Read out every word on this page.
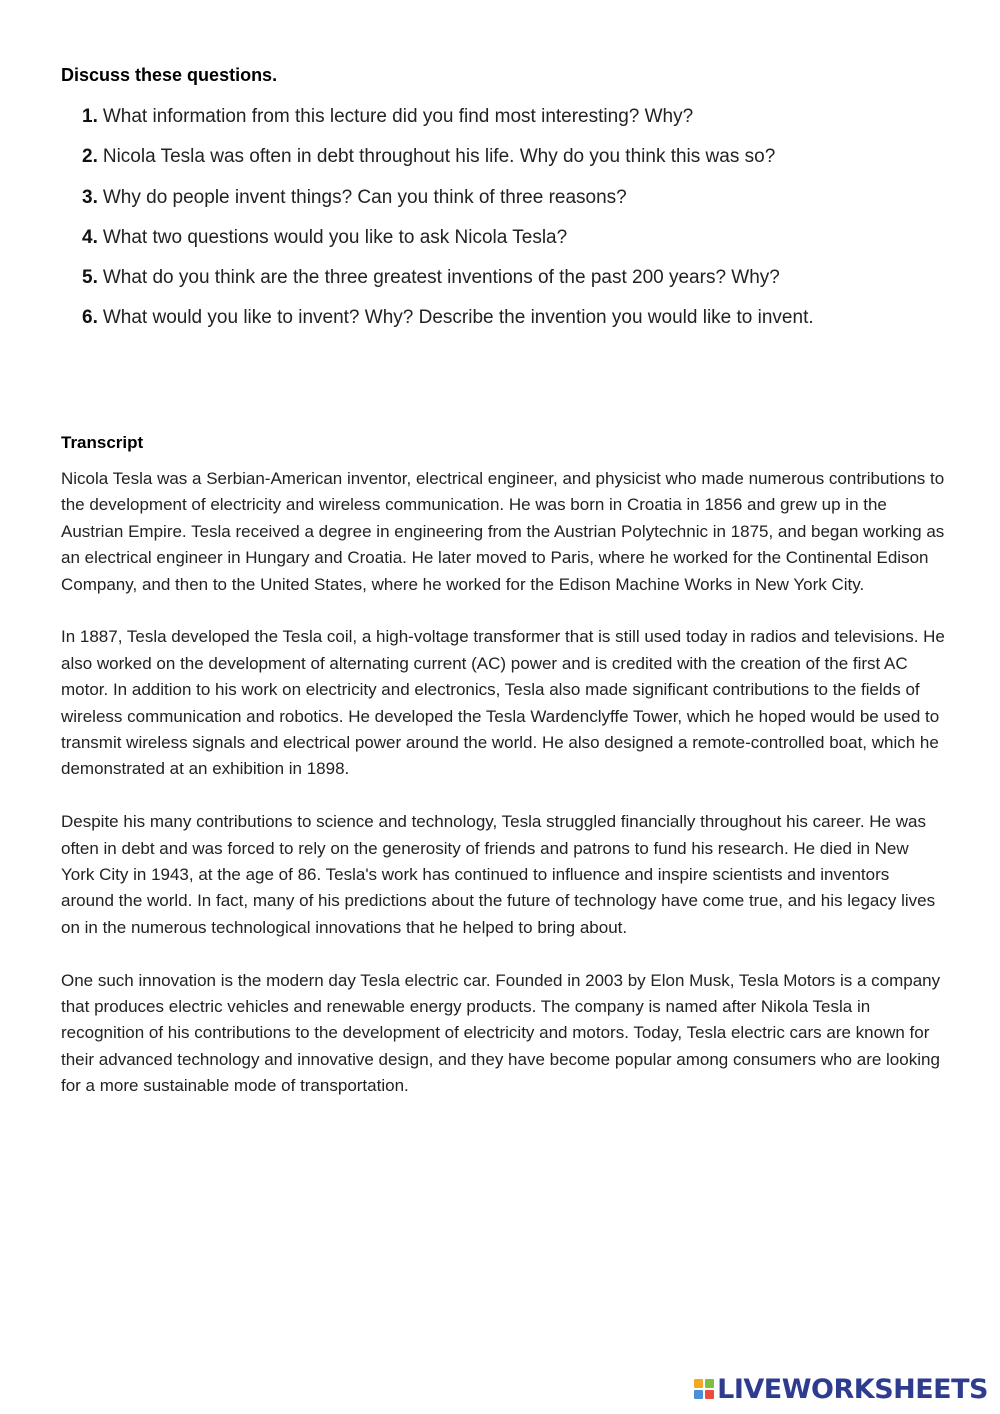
Discuss these questions.
1. What information from this lecture did you find most interesting? Why?
2. Nicola Tesla was often in debt throughout his life. Why do you think this was so?
3. Why do people invent things? Can you think of three reasons?
4. What two questions would you like to ask Nicola Tesla?
5. What do you think are the three greatest inventions of the past 200 years? Why?
6. What would you like to invent? Why? Describe the invention you would like to invent.
Transcript

Nicola Tesla was a Serbian-American inventor, electrical engineer, and physicist who made numerous contributions to the development of electricity and wireless communication. He was born in Croatia in 1856 and grew up in the Austrian Empire. Tesla received a degree in engineering from the Austrian Polytechnic in 1875, and began working as an electrical engineer in Hungary and Croatia. He later moved to Paris, where he worked for the Continental Edison Company, and then to the United States, where he worked for the Edison Machine Works in New York City.

In 1887, Tesla developed the Tesla coil, a high-voltage transformer that is still used today in radios and televisions. He also worked on the development of alternating current (AC) power and is credited with the creation of the first AC motor. In addition to his work on electricity and electronics, Tesla also made significant contributions to the fields of wireless communication and robotics. He developed the Tesla Wardenclyffe Tower, which he hoped would be used to transmit wireless signals and electrical power around the world. He also designed a remote-controlled boat, which he demonstrated at an exhibition in 1898.

Despite his many contributions to science and technology, Tesla struggled financially throughout his career. He was often in debt and was forced to rely on the generosity of friends and patrons to fund his research. He died in New York City in 1943, at the age of 86. Tesla's work has continued to influence and inspire scientists and inventors around the world. In fact, many of his predictions about the future of technology have come true, and his legacy lives on in the numerous technological innovations that he helped to bring about.

One such innovation is the modern day Tesla electric car. Founded in 2003 by Elon Musk, Tesla Motors is a company that produces electric vehicles and renewable energy products. The company is named after Nikola Tesla in recognition of his contributions to the development of electricity and motors. Today, Tesla electric cars are known for their advanced technology and innovative design, and they have become popular among consumers who are looking for a more sustainable mode of transportation.

LIVEWORKSHEETS
